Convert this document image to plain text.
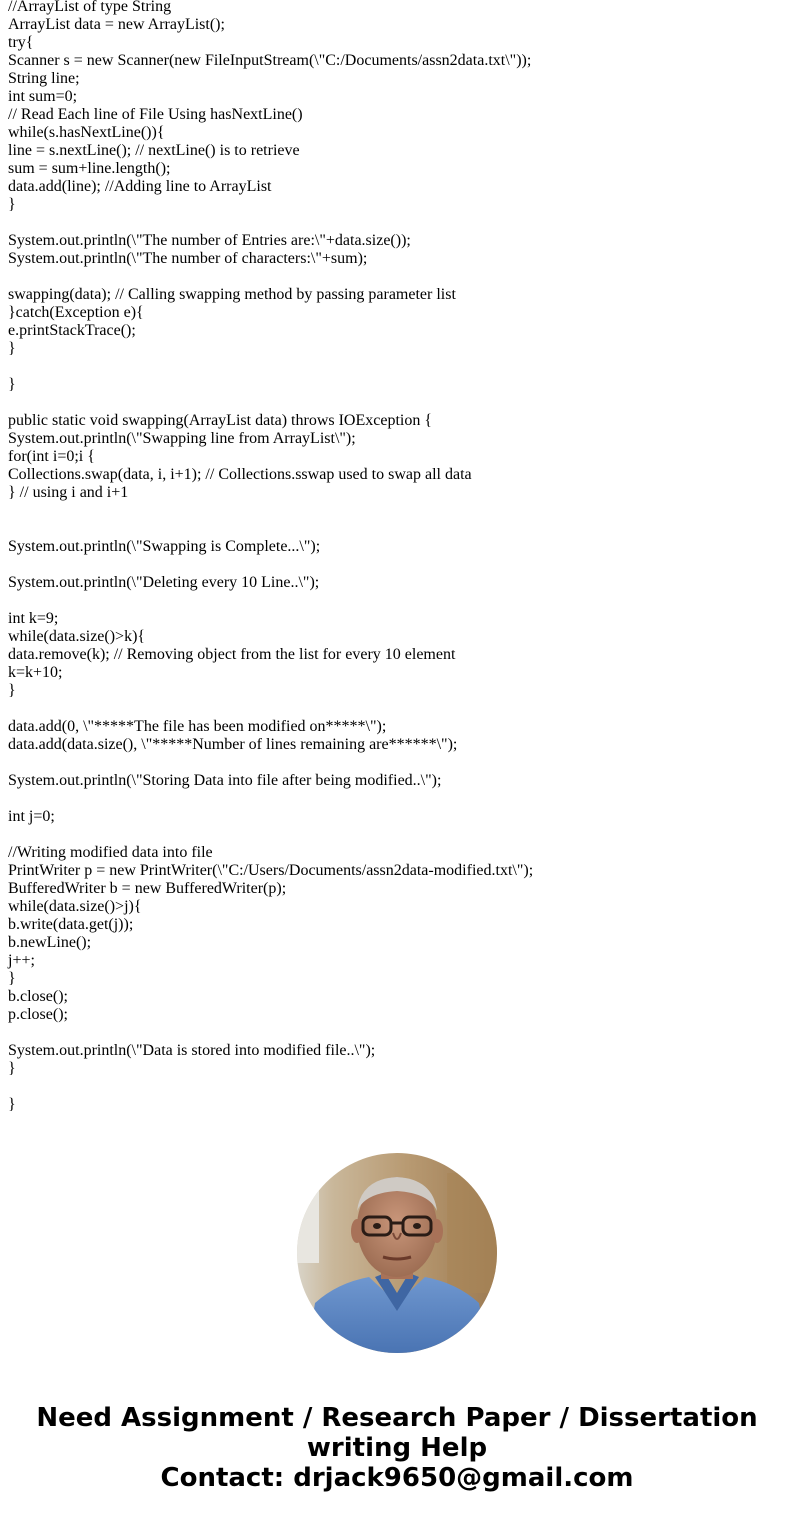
//ArrayList of type String
ArrayList data = new ArrayList();
try{
Scanner s = new Scanner(new FileInputStream(\"C:/Documents/assn2data.txt\"));
String line;
int sum=0;
// Read Each line of File Using hasNextLine()
while(s.hasNextLine()){
line = s.nextLine(); // nextLine() is to retrieve
sum = sum+line.length();
data.add(line); //Adding line to ArrayList
}
System.out.println(\"The number of Entries are:\"+data.size());
System.out.println(\"The number of characters:\"+sum);
swapping(data); // Calling swapping method by passing parameter list
}catch(Exception e){
e.printStackTrace();
}
}
public static void swapping(ArrayList data) throws IOException {
System.out.println(\"Swapping line from ArrayList\");
for(int i=0;i {
Collections.swap(data, i, i+1); // Collections.sswap used to swap all data
} // using i and i+1
System.out.println(\"Swapping is Complete...\");
System.out.println(\"Deleting every 10 Line..\");
int k=9;
while(data.size()>k){
data.remove(k); // Removing object from the list for every 10 element
k=k+10;
}
data.add(0, \"*****The file has been modified on*****\");
data.add(data.size(), \"*****Number of lines remaining are******\");
System.out.println(\"Storing Data into file after being modified..\");
int j=0;
//Writing modified data into file
PrintWriter p = new PrintWriter(\"C:/Users/Documents/assn2data-modified.txt\");
BufferedWriter b = new BufferedWriter(p);
while(data.size()>j){
b.write(data.get(j));
b.newLine();
j++;
}
b.close();
p.close();
System.out.println(\"Data is stored into modified file..\");
}
}
Need Assignment / Research Paper / Dissertation
writing Help
Contact: drjack9650@gmail.com
